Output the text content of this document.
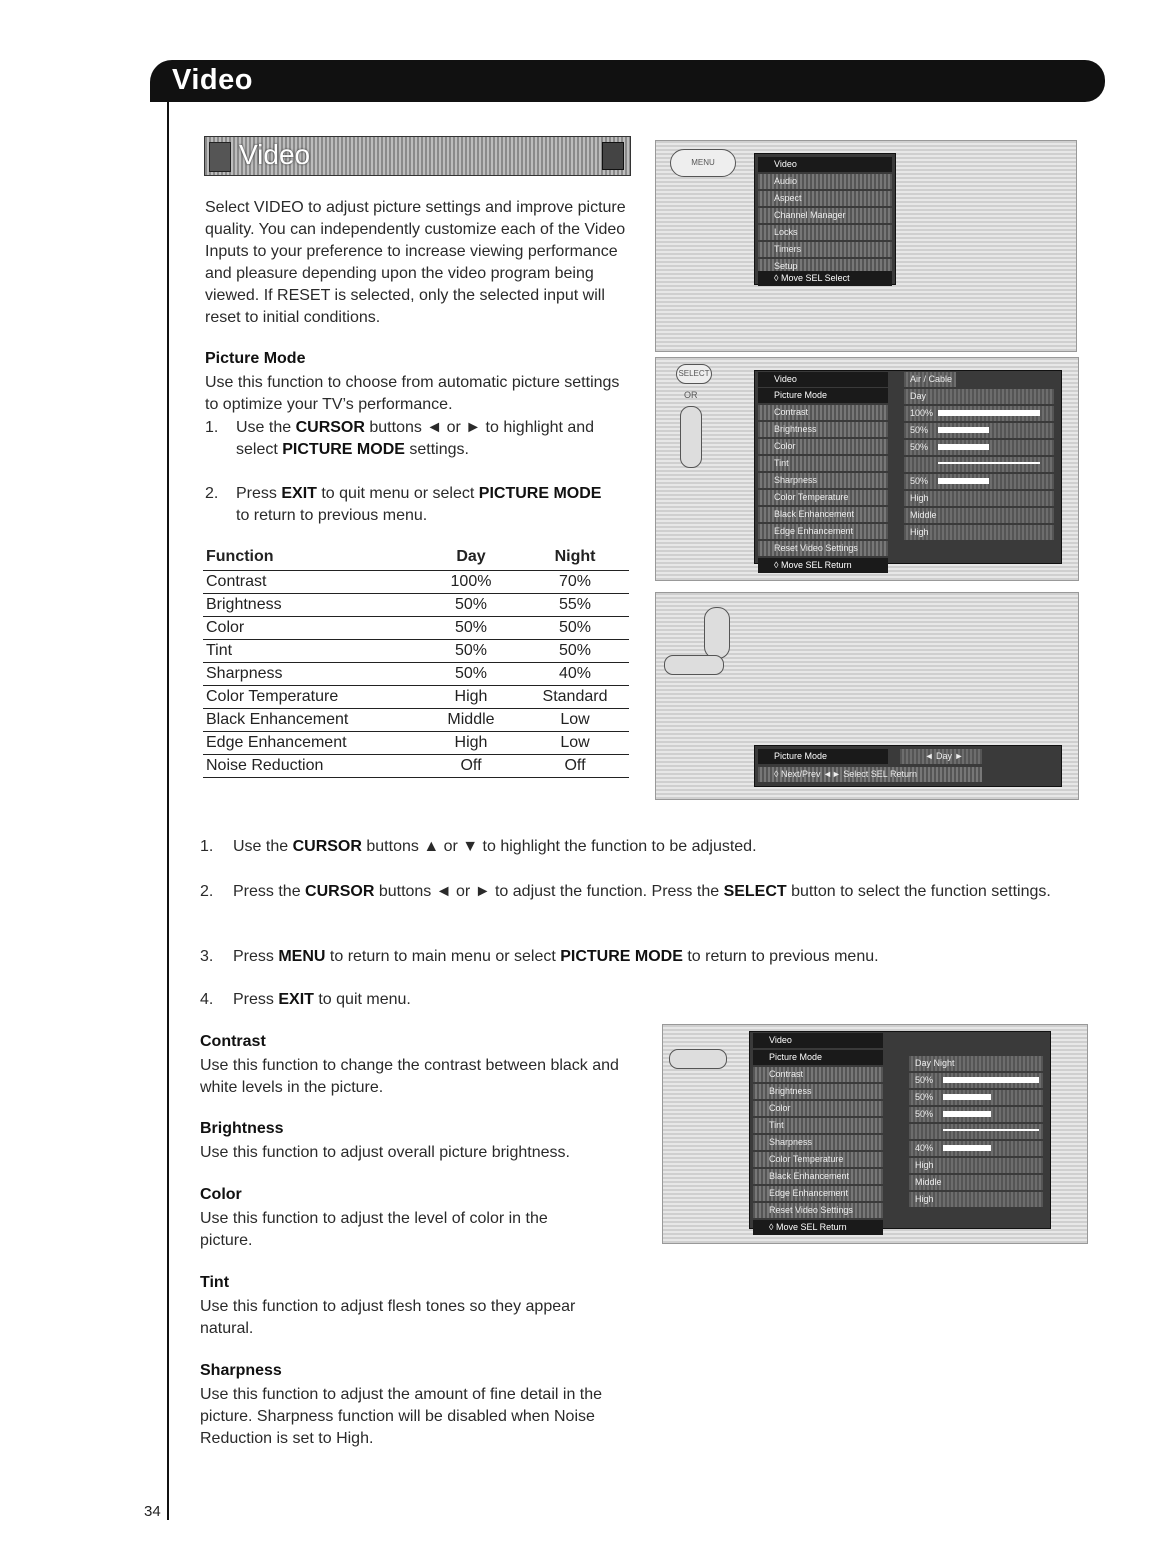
Video
Video
Select VIDEO to adjust picture settings and improve picture quality. You can independently customize each of the Video Inputs to your preference to increase viewing performance and pleasure depending upon the video program being viewed. If RESET is selected, only the selected input will reset to initial conditions.
Picture Mode
Use this function to choose from automatic picture settings to optimize your TV’s performance.
1. Use the CURSOR buttons ◄ or ► to highlight and select PICTURE MODE settings.
2. Press EXIT to quit menu or select PICTURE MODE to return to previous menu.
Function	Day	Night
Contrast	100%	70%
Brightness	50%	55%
Color	50%	50%
Tint	50%	50%
Sharpness	50%	40%
Color Temperature	High	Standard
Black Enhancement	Middle	Low
Edge Enhancement	High	Low
Noise Reduction	Off	Off
MENU	Video
Audio
Aspect
Channel Manager
Locks
Timers
Setup
◊ Move SEL Select
SELECT
OR
Video
Picture Mode
Contrast
Brightness
Color
Tint
Sharpness
Color Temperature
Black Enhancement
Edge Enhancement
Reset Video Settings
Air / Cable
Day
100%
50%
50%
50%
High
Middle
High
◊ Move SEL Return
Picture Mode	◄ Day ►
◊ Next/Prev ◄► Select SEL Return
1. Use the CURSOR buttons ▲ or ▼ to highlight the function to be adjusted.
2. Press the CURSOR buttons ◄ or ► to adjust the function. Press the SELECT button to select the function settings.
3. Press MENU to return to main menu or select PICTURE MODE to return to previous menu.
4. Press EXIT to quit menu.
Contrast
Use this function to change the contrast between black and white levels in the picture.
Brightness
Use this function to adjust overall picture brightness.
Color
Use this function to adjust the level of color in the picture.
Tint
Use this function to adjust flesh tones so they appear natural.
Sharpness
Use this function to adjust the amount of fine detail in the picture. Sharpness function will be disabled when Noise Reduction is set to High.
Video
Picture Mode
Contrast
Brightness
Color
Tint
Sharpness
Color Temperature
Black Enhancement
Edge Enhancement
Reset Video Settings
Day Night
50%
50%
50%
40%
High
Middle
High
◊ Move SEL Return
34
